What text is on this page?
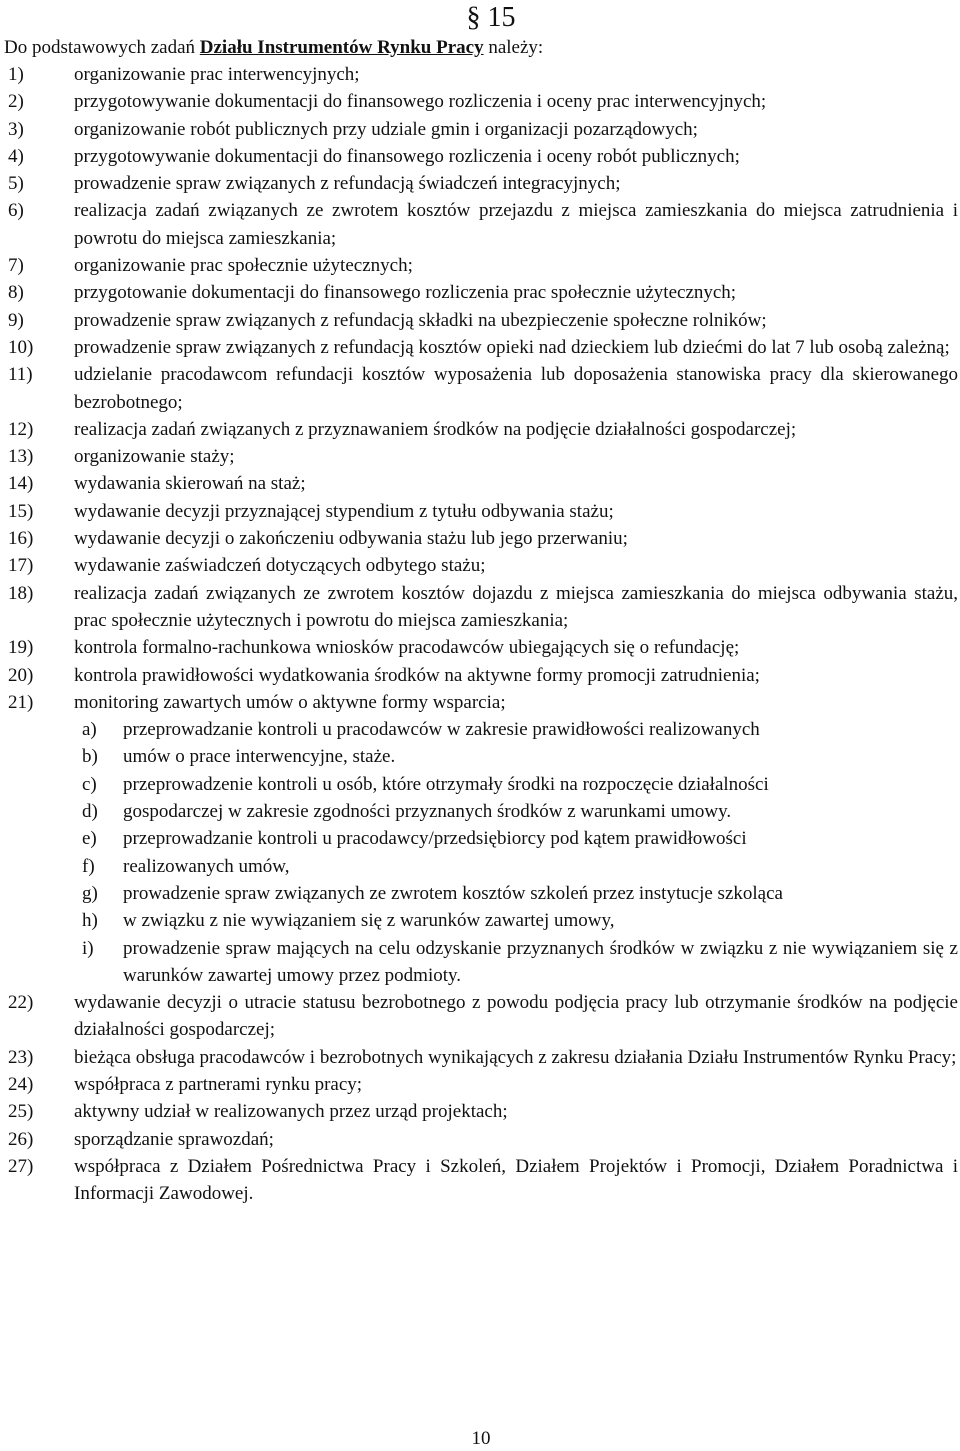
§ 15
Do podstawowych zadań Działu Instrumentów Rynku Pracy należy:
1)	organizowanie prac interwencyjnych;
2)	przygotowywanie dokumentacji do finansowego rozliczenia i oceny prac interwencyjnych;
3)	organizowanie robót publicznych przy udziale gmin i organizacji pozarządowych;
4)	przygotowywanie dokumentacji do finansowego rozliczenia i oceny robót publicznych;
5)	prowadzenie spraw związanych z refundacją świadczeń integracyjnych;
6)	realizacja zadań związanych ze zwrotem kosztów przejazdu z miejsca zamieszkania do miejsca zatrudnienia i powrotu do miejsca zamieszkania;
7)	organizowanie prac społecznie użytecznych;
8)	przygotowanie dokumentacji do finansowego rozliczenia prac społecznie użytecznych;
9)	prowadzenie spraw związanych z refundacją składki na ubezpieczenie społeczne rolników;
10)	prowadzenie spraw związanych z refundacją kosztów opieki nad dzieckiem lub dziećmi do lat 7 lub osobą zależną;
11)	udzielanie pracodawcom refundacji kosztów wyposażenia lub doposażenia stanowiska pracy dla skierowanego bezrobotnego;
12)	realizacja zadań związanych z przyznawaniem środków na podjęcie działalności gospodarczej;
13)	organizowanie staży;
14)	wydawania skierowań na staż;
15)	wydawanie decyzji przyznającej stypendium z tytułu odbywania stażu;
16)	wydawanie decyzji o zakończeniu odbywania stażu lub jego przerwaniu;
17)	wydawanie zaświadczeń dotyczących odbytego stażu;
18)	realizacja zadań związanych ze zwrotem kosztów dojazdu z miejsca zamieszkania do miejsca odbywania stażu, prac społecznie użytecznych i powrotu do miejsca zamieszkania;
19)	kontrola formalno-rachunkowa wniosków pracodawców ubiegających się o refundację;
20)	kontrola prawidłowości wydatkowania środków na aktywne formy promocji zatrudnienia;
21)	monitoring zawartych umów o aktywne formy wsparcia;
a)	przeprowadzanie kontroli u pracodawców w zakresie prawidłowości realizowanych
b)	umów o prace interwencyjne, staże.
c)	przeprowadzenie kontroli u osób, które otrzymały środki na rozpoczęcie działalności
d)	gospodarczej w zakresie zgodności przyznanych środków z warunkami umowy.
e)	przeprowadzanie kontroli u pracodawcy/przedsiębiorcy pod kątem prawidłowości
f)	realizowanych umów,
g)	prowadzenie spraw związanych ze zwrotem kosztów szkoleń przez instytucje szkoląca
h)	w związku z nie wywiązaniem się z warunków zawartej umowy,
i)	prowadzenie spraw mających na celu odzyskanie przyznanych środków w związku z nie wywiązaniem się z warunków zawartej umowy przez podmioty.
22)	wydawanie decyzji o utracie statusu bezrobotnego z powodu podjęcia pracy lub otrzymanie środków na podjęcie działalności gospodarczej;
23)	bieżąca obsługa pracodawców i bezrobotnych wynikających z zakresu działania Działu Instrumentów Rynku Pracy;
24)	współpraca z partnerami rynku pracy;
25)	aktywny udział w realizowanych przez urząd projektach;
26)	sporządzanie sprawozdań;
27)	współpraca z Działem Pośrednictwa Pracy i Szkoleń, Działem Projektów i Promocji, Działem Poradnictwa i Informacji Zawodowej.
10
